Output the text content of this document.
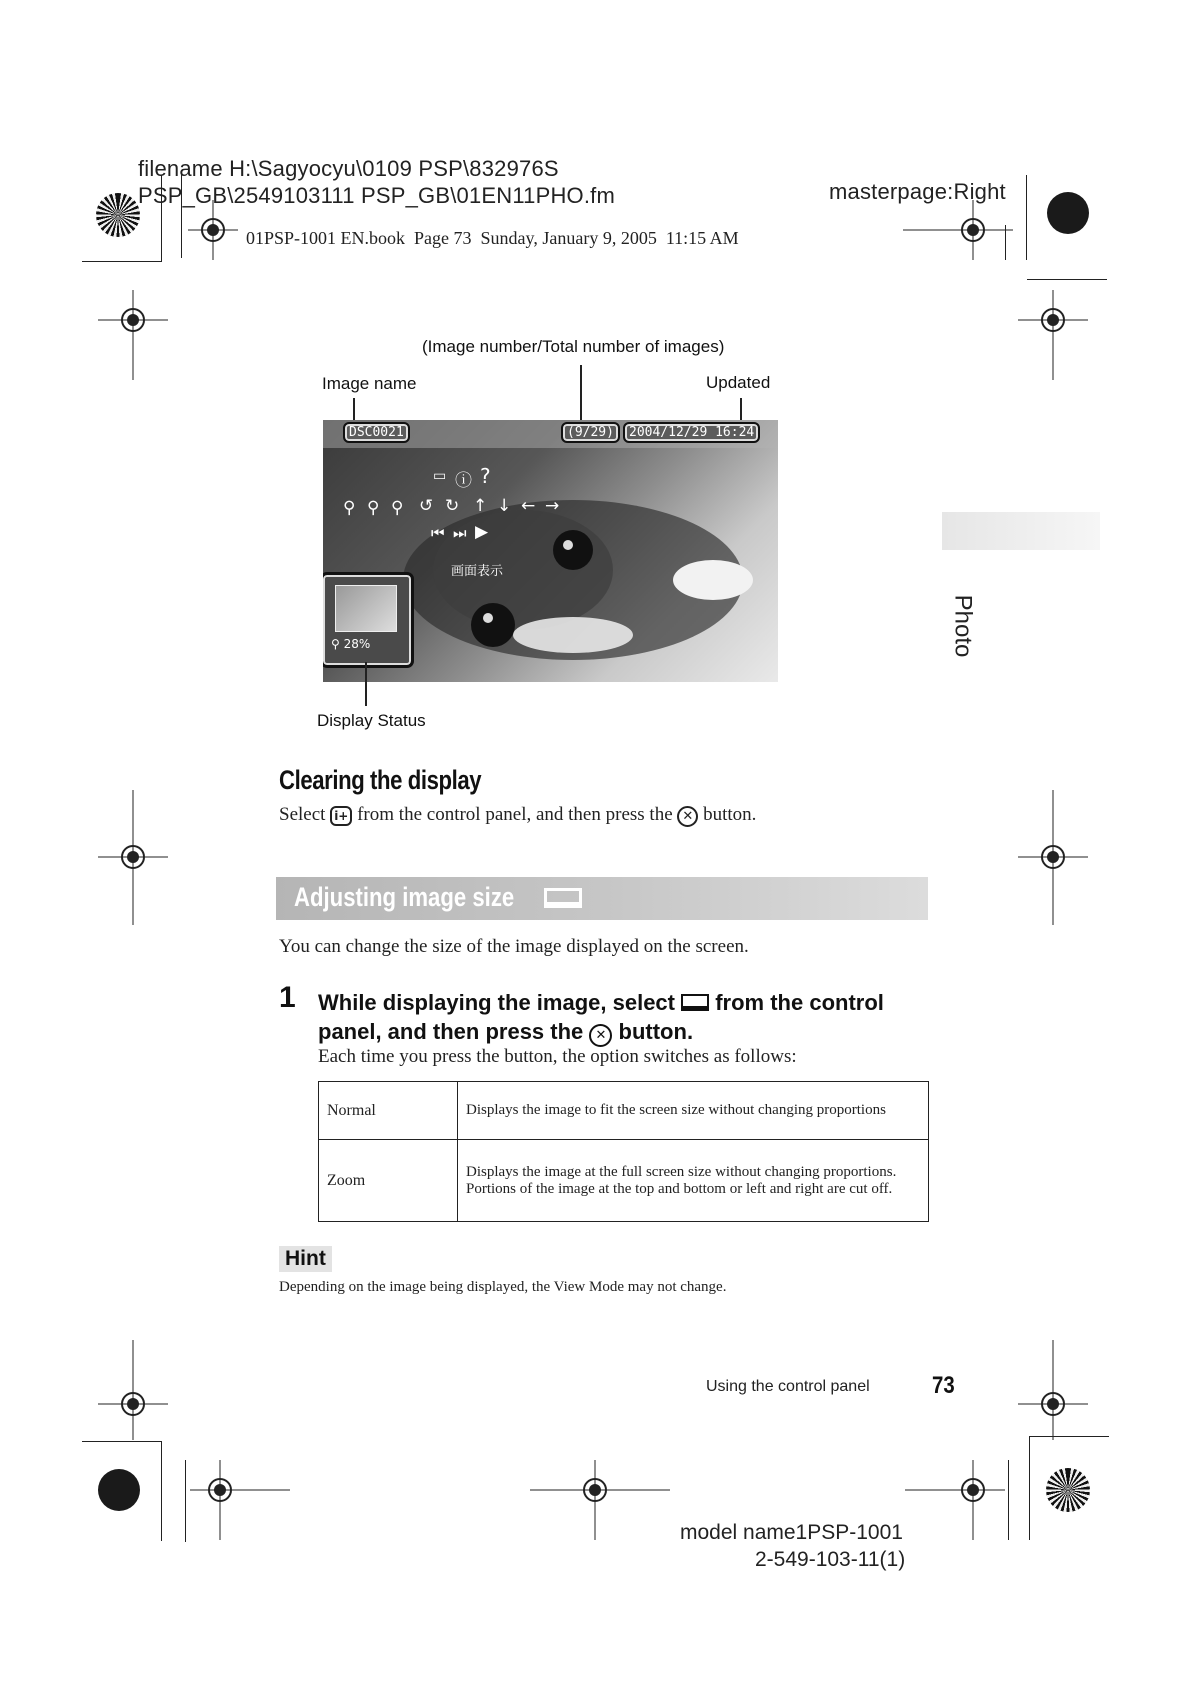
filename H:\Sagyocyu\0109 PSP\832976S
PSP_GB\2549103111 PSP_GB\01EN11PHO.fm	masterpage:Right
01PSP-1001 EN.book  Page 73  Sunday, January 9, 2005  11:15 AM
(Image number/Total number of images)
Image name	Updated
DSC0021	(9/29)	2004/12/29 16:24
▭ ⓘ ?
⚲ ⚲ ⚲ ↺ ↻ ↑ ↓ ← →
⏮ ⏭ ▶
画面表示
⚲ 28%
Display Status
Photo
Clearing the display
Select i+ from the control panel, and then press the ✕ button.
Adjusting image size
You can change the size of the image displayed on the screen.
1 While displaying the image, select from the control
panel, and then press the ✕ button.
Each time you press the button, the option switches as follows:
Normal	Displays the image to fit the screen size without changing proportions
Zoom	Displays the image at the full screen size without changing proportions. Portions of the image at the top and bottom or left and right are cut off.
Hint
Depending on the image being displayed, the View Mode may not change.
Using the control panel	73
model name1PSP-1001
2-549-103-11(1)
